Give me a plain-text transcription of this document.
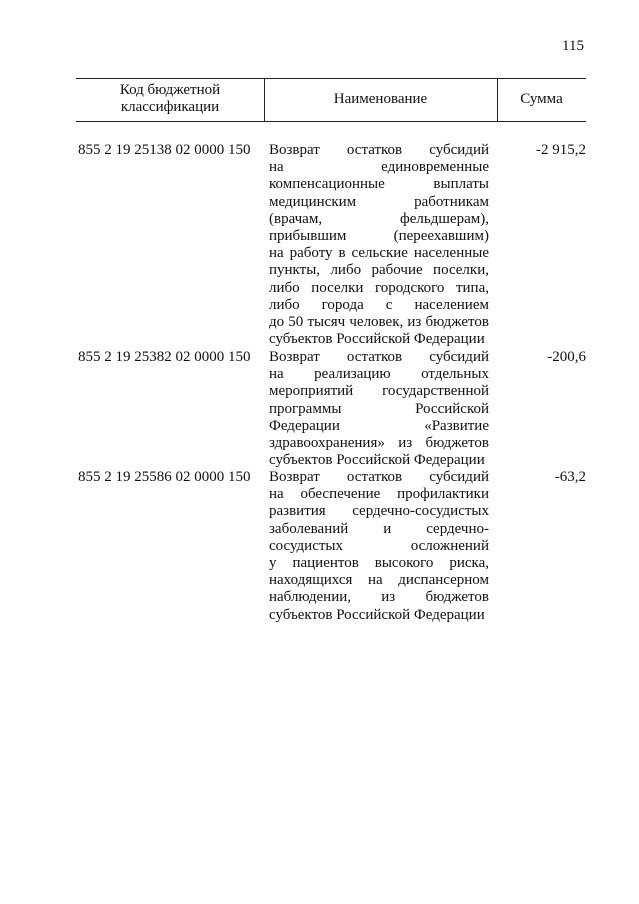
115
Код бюджетной классификации	Наименование	Сумма
855 2 19 25138 02 0000 150 Возврат остатков субсидий
на единовременные
компенсационные выплаты
медицинским работникам
(врачам, фельдшерам),
прибывшим (переехавшим)
на работу в сельские населенные
пункты, либо рабочие поселки,
либо поселки городского типа,
либо города с населением
до 50 тысяч человек, из бюджетов
субъектов Российской Федерации
-2 915,2
855 2 19 25382 02 0000 150 Возврат остатков субсидий
на реализацию отдельных
мероприятий государственной
программы Российской
Федерации «Развитие
здравоохранения» из бюджетов
субъектов Российской Федерации
-200,6
855 2 19 25586 02 0000 150 Возврат остатков субсидий
на обеспечение профилактики
развития сердечно-сосудистых
заболеваний и сердечно-
сосудистых осложнений
у пациентов высокого риска,
находящихся на диспансерном
наблюдении, из бюджетов
субъектов Российской Федерации
-63,2
